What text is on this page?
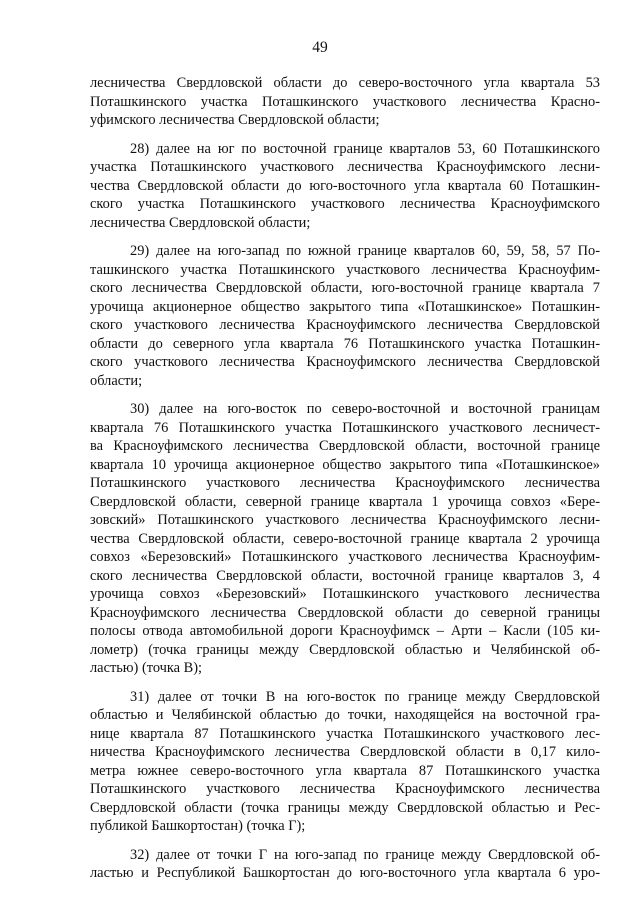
49
лесничества Свердловской области до северо-восточного угла квартала 53
Поташкинского участка Поташкинского участкового лесничества Красно-
уфимского лесничества Свердловской области;
28) далее на юг по восточной границе кварталов 53, 60 Поташкинского
участка Поташкинского участкового лесничества Красноуфимского лесни-
чества Свердловской области до юго-восточного угла квартала 60 Поташкин-
ского участка Поташкинского участкового лесничества Красноуфимского
лесничества Свердловской области;
29) далее на юго-запад по южной границе кварталов 60, 59, 58, 57 По-
ташкинского участка Поташкинского участкового лесничества Красноуфим-
ского лесничества Свердловской области, юго-восточной границе квартала 7
урочища акционерное общество закрытого типа «Поташкинское» Поташкин-
ского участкового лесничества Красноуфимского лесничества Свердловской
области до северного угла квартала 76 Поташкинского участка Поташкин-
ского участкового лесничества Красноуфимского лесничества Свердловской
области;
30) далее на юго-восток по северо-восточной и восточной границам
квартала 76 Поташкинского участка Поташкинского участкового лесничест-
ва Красноуфимского лесничества Свердловской области, восточной границе
квартала 10 урочища акционерное общество закрытого типа «Поташкинское»
Поташкинского участкового лесничества Красноуфимского лесничества
Свердловской области, северной границе квартала 1 урочища совхоз «Бере-
зовский» Поташкинского участкового лесничества Красноуфимского лесни-
чества Свердловской области, северо-восточной границе квартала 2 урочища
совхоз «Березовский» Поташкинского участкового лесничества Красноуфим-
ского лесничества Свердловской области, восточной границе кварталов 3, 4
урочища совхоз «Березовский» Поташкинского участкового лесничества
Красноуфимского лесничества Свердловской области до северной границы
полосы отвода автомобильной дороги Красноуфимск – Арти – Касли (105 ки-
лометр) (точка границы между Свердловской областью и Челябинской об-
ластью) (точка В);
31) далее от точки В на юго-восток по границе между Свердловской
областью и Челябинской областью до точки, находящейся на восточной гра-
нице квартала 87 Поташкинского участка Поташкинского участкового лес-
ничества Красноуфимского лесничества Свердловской области в 0,17 кило-
метра южнее северо-восточного угла квартала 87 Поташкинского участка
Поташкинского участкового лесничества Красноуфимского лесничества
Свердловской области (точка границы между Свердловской областью и Рес-
публикой Башкортостан) (точка Г);
32) далее от точки Г на юго-запад по границе между Свердловской об-
ластью и Республикой Башкортостан до юго-восточного угла квартала 6 уро-
